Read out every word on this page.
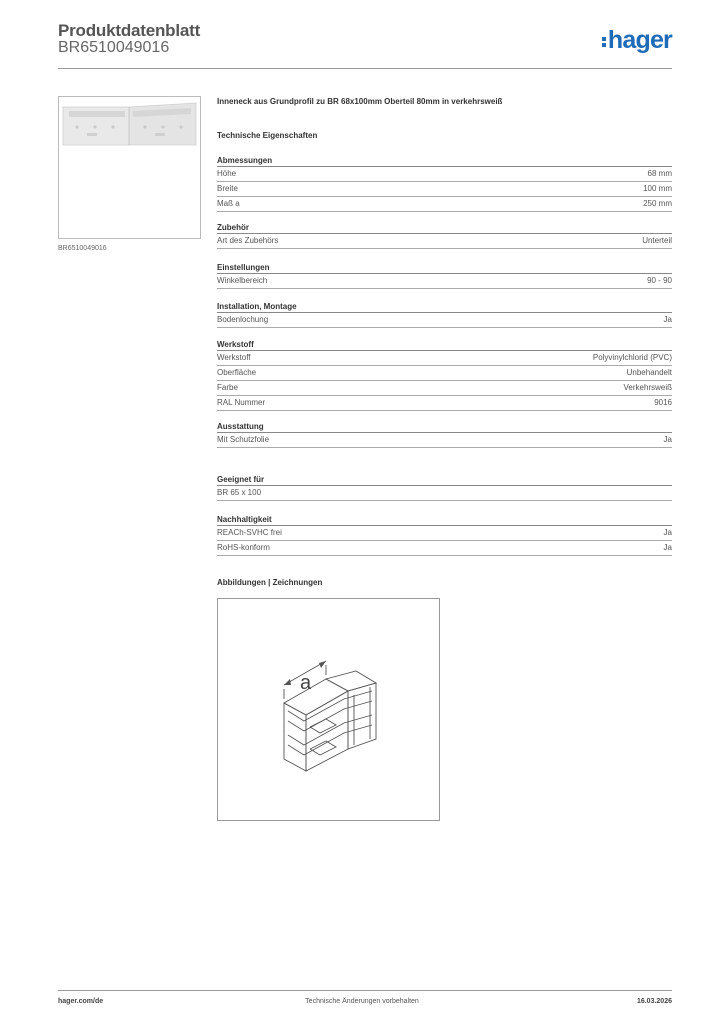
Produktdatenblatt
BR6510049016	hager
BR6510049016
Inneneck aus Grundprofil zu BR 68x100mm Oberteil 80mm in verkehrsweiß
Technische Eigenschaften
Abmessungen
Höhe	68 mm
Breite	100 mm
Maß a	250 mm
Zubehör
Art des Zubehörs	Unterteil
Einstellungen
Winkelbereich	90 - 90
Installation, Montage
Bodenlochung	Ja
Werkstoff
Werkstoff	Polyvinylchlorid (PVC)
Oberfläche	Unbehandelt
Farbe	Verkehrsweiß
RAL Nummer	9016
Ausstattung
Mit Schutzfolie	Ja
Geeignet für
BR 65 x 100
Nachhaltigkeit
REACh-SVHC frei	Ja
RoHS-konform	Ja
Abbildungen | Zeichnungen
a
hager.com/de	Technische Änderungen vorbehalten	16.03.2026
